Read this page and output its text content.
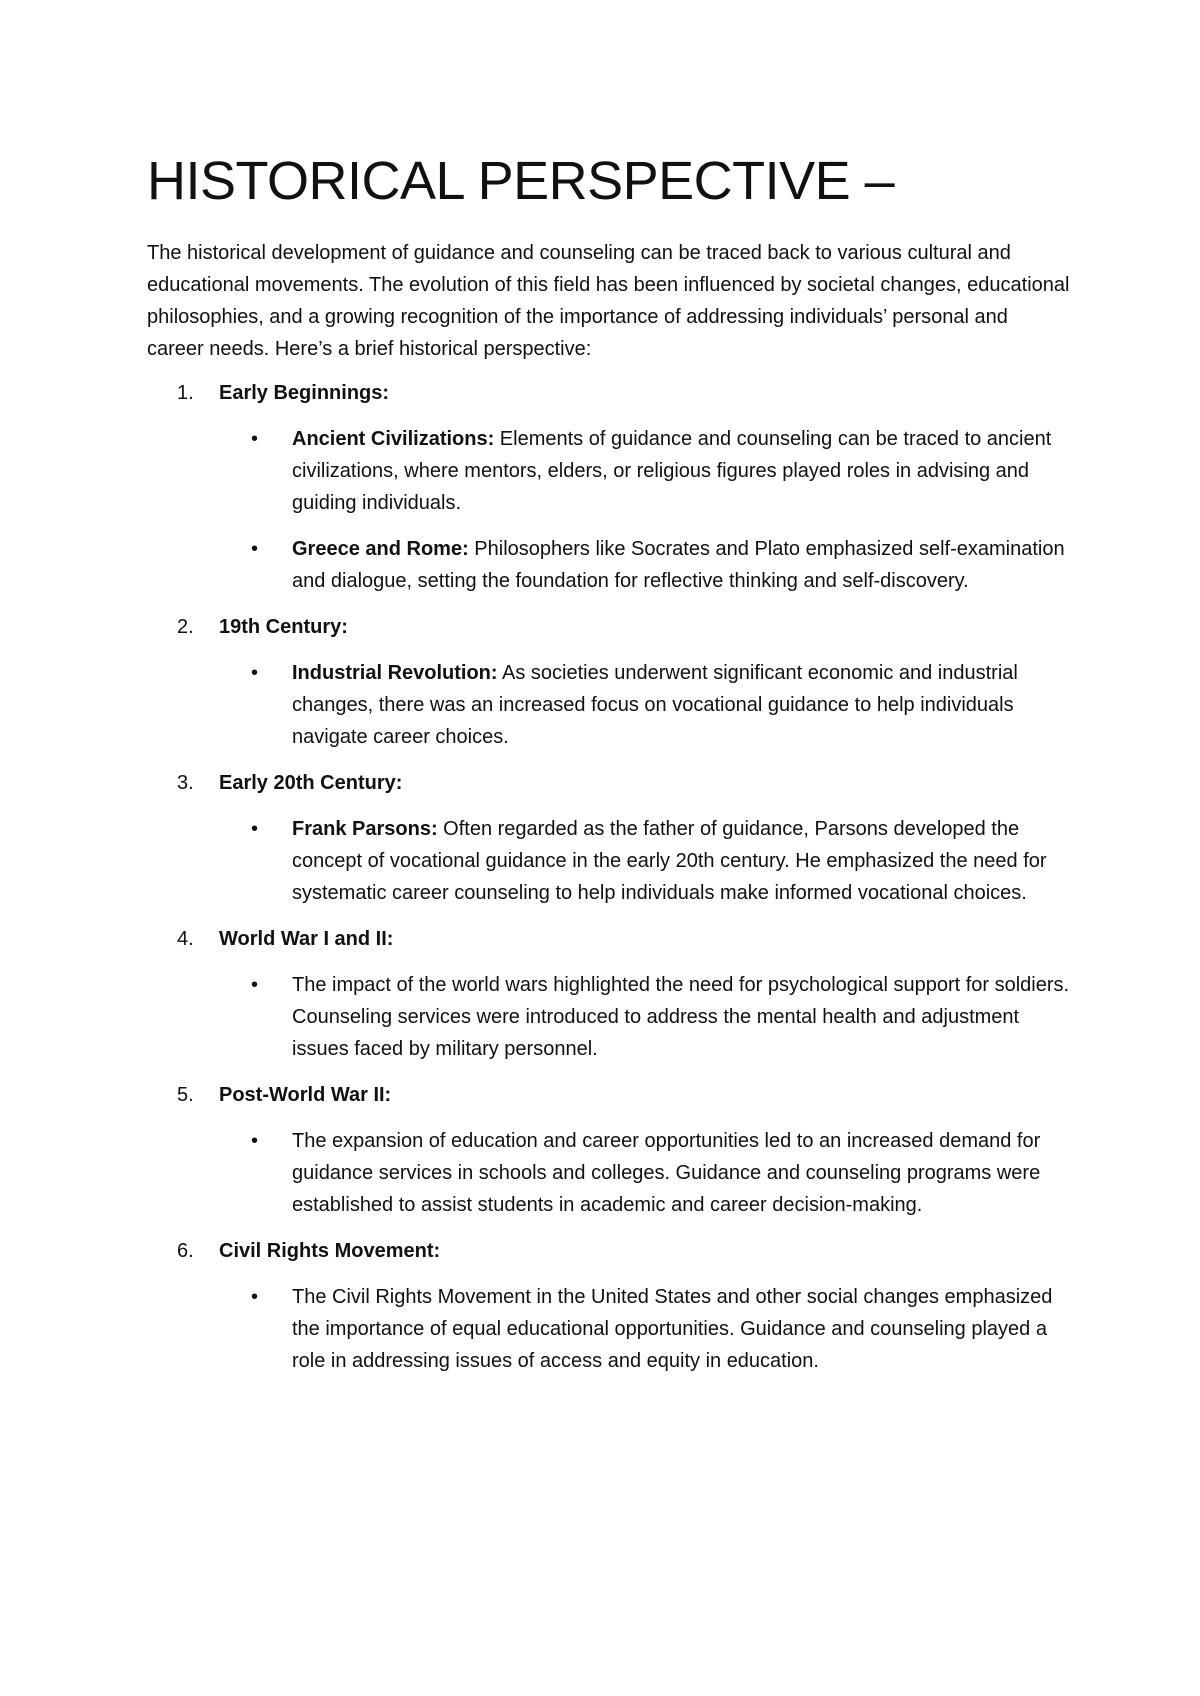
HISTORICAL PERSPECTIVE –

The historical development of guidance and counseling can be traced back to various cultural and educational movements. The evolution of this field has been influenced by societal changes, educational philosophies, and a growing recognition of the importance of addressing individuals’ personal and career needs. Here’s a brief historical perspective:

1.	Early Beginnings:
•	Ancient Civilizations: Elements of guidance and counseling can be traced to ancient civilizations, where mentors, elders, or religious figures played roles in advising and guiding individuals.
•	Greece and Rome: Philosophers like Socrates and Plato emphasized self-examination and dialogue, setting the foundation for reflective thinking and self-discovery.
2.	19th Century:
•	Industrial Revolution: As societies underwent significant economic and industrial changes, there was an increased focus on vocational guidance to help individuals navigate career choices.
3.	Early 20th Century:
•	Frank Parsons: Often regarded as the father of guidance, Parsons developed the concept of vocational guidance in the early 20th century. He emphasized the need for systematic career counseling to help individuals make informed vocational choices.
4.	World War I and II:
•	The impact of the world wars highlighted the need for psychological support for soldiers. Counseling services were introduced to address the mental health and adjustment issues faced by military personnel.
5.	Post-World War II:
•	The expansion of education and career opportunities led to an increased demand for guidance services in schools and colleges. Guidance and counseling programs were established to assist students in academic and career decision-making.
6.	Civil Rights Movement:
•	The Civil Rights Movement in the United States and other social changes emphasized the importance of equal educational opportunities. Guidance and counseling played a role in addressing issues of access and equity in education.
